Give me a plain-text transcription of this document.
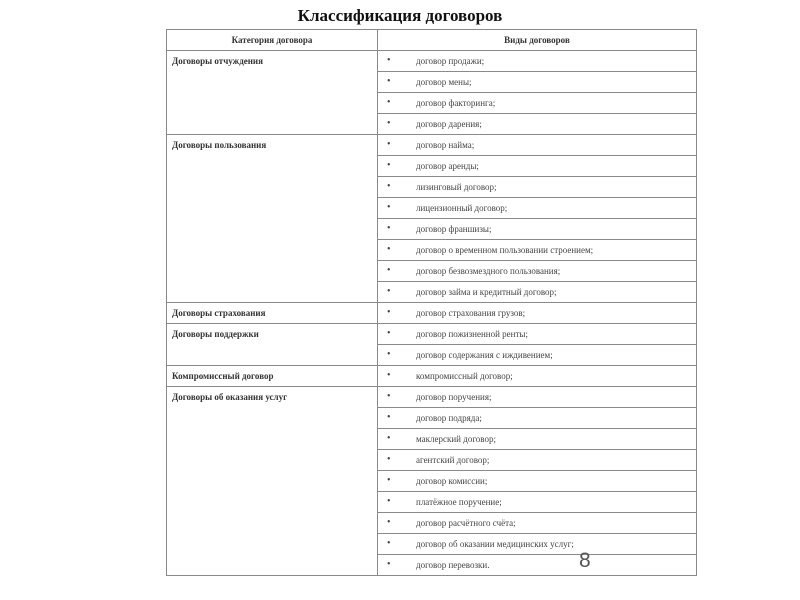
Классификация договоров
Категория договора	Виды договоров
Договоры отчуждения	• договор продажи;

	• договор мены;

	• договор факторинга;

	• договор дарения;

Договоры пользования	• договор найма;

	• договор аренды;

	• лизинговый договор;

	• лицензионный договор;

	• договор франшизы;

	• договор о временном пользовании строением;

	• договор безвозмездного пользования;

	• договор займа и кредитный договор;

Договоры страхования	• договор страхования грузов;

Договоры поддержки	• договор пожизненной ренты;

	• договор содержания с иждивением;

Компромиссный договор	• компромиссный договор;

Договоры об оказания услуг	• договор поручения;

	• договор подряда;

	• маклерский договор;

	• агентский договор;

	• договор комиссии;

	• платёжное поручение;

	• договор расчётного счёта;

	• договор об оказании медицинских услуг;

	• договор перевозки.	8
